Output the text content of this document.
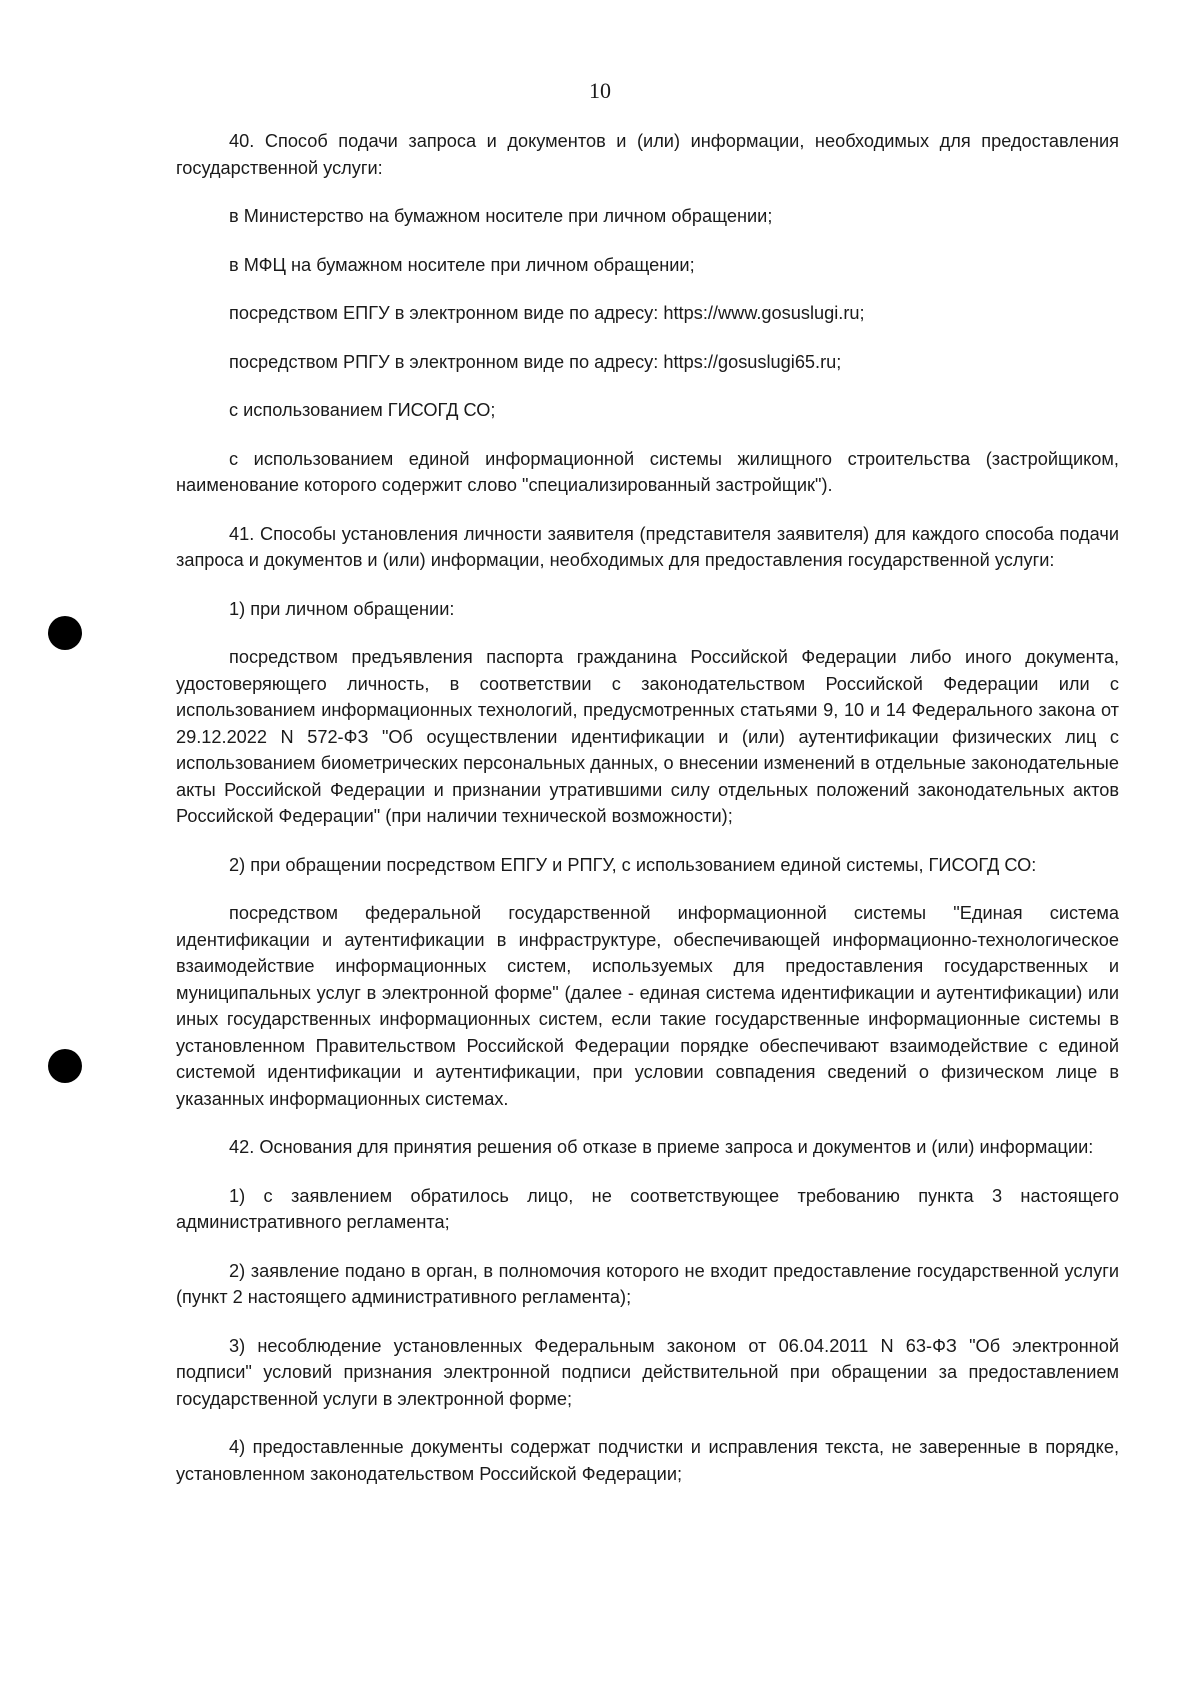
10

40. Способ подачи запроса и документов и (или) информации, необходимых для предоставления государственной услуги:

в Министерство на бумажном носителе при личном обращении;

в МФЦ на бумажном носителе при личном обращении;

посредством ЕПГУ в электронном виде по адресу: https://www.gosuslugi.ru;

посредством РПГУ в электронном виде по адресу: https://gosuslugi65.ru;

с использованием ГИСОГД СО;

с использованием единой информационной системы жилищного строительства (застройщиком, наименование которого содержит слово "специализированный застройщик").

41. Способы установления личности заявителя (представителя заявителя) для каждого способа подачи запроса и документов и (или) информации, необходимых для предоставления государственной услуги:

1) при личном обращении:

посредством предъявления паспорта гражданина Российской Федерации либо иного документа, удостоверяющего личность, в соответствии с законодательством Российской Федерации или с использованием информационных технологий, предусмотренных статьями 9, 10 и 14 Федерального закона от 29.12.2022 N 572-ФЗ "Об осуществлении идентификации и (или) аутентификации физических лиц с использованием биометрических персональных данных, о внесении изменений в отдельные законодательные акты Российской Федерации и признании утратившими силу отдельных положений законодательных актов Российской Федерации" (при наличии технической возможности);

2) при обращении посредством ЕПГУ и РПГУ, с использованием единой системы, ГИСОГД СО:

посредством федеральной государственной информационной системы "Единая система идентификации и аутентификации в инфраструктуре, обеспечивающей информационно-технологическое взаимодействие информационных систем, используемых для предоставления государственных и муниципальных услуг в электронной форме" (далее - единая система идентификации и аутентификации) или иных государственных информационных систем, если такие государственные информационные системы в установленном Правительством Российской Федерации порядке обеспечивают взаимодействие с единой системой идентификации и аутентификации, при условии совпадения сведений о физическом лице в указанных информационных системах.

42. Основания для принятия решения об отказе в приеме запроса и документов и (или) информации:

1) с заявлением обратилось лицо, не соответствующее требованию пункта 3 настоящего административного регламента;

2) заявление подано в орган, в полномочия которого не входит предоставление государственной услуги (пункт 2 настоящего административного регламента);

3) несоблюдение установленных Федеральным законом от 06.04.2011 N 63-ФЗ "Об электронной подписи" условий признания электронной подписи действительной при обращении за предоставлением государственной услуги в электронной форме;

4) предоставленные документы содержат подчистки и исправления текста, не заверенные в порядке, установленном законодательством Российской Федерации;
